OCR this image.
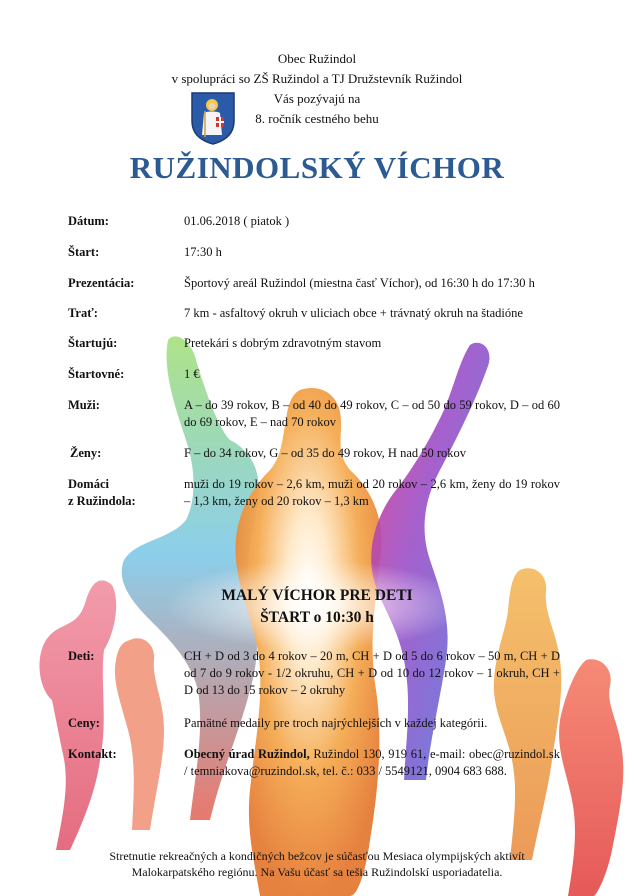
Obec Ružindol
v spolupráci so ZŠ Ružindol a TJ Družstevník Ružindol
Vás pozývajú na
8. ročník cestného behu
RUŽINDOLSKÝ VÍCHOR
Dátum:	01.06.2018 ( piatok )
Štart:	17:30 h
Prezentácia:	Športový areál Ružindol (miestna časť Víchor), od 16:30 h do 17:30 h
Trať:	7 km - asfaltový okruh v uliciach obce + trávnatý okruh na štadióne
Štartujú:	Pretekári s dobrým zdravotným stavom
Štartovné:	1 €
Muži:	A – do 39 rokov, B – od 40 do 49 rokov, C – od 50 do 59 rokov, D – od 60 do 69 rokov, E – nad 70 rokov
Ženy:	F – do 34 rokov, G – od 35 do 49 rokov, H nad 50 rokov
Domáci
z Ružindola:
muži do 19 rokov – 2,6 km, muži od 20 rokov – 2,6 km, ženy do 19 rokov – 1,3 km, ženy od 20 rokov – 1,3 km
MALÝ VÍCHOR PRE DETI
ŠTART o 10:30 h
Deti:	CH + D od 3 do 4 rokov – 20 m, CH + D od 5 do 6 rokov – 50 m, CH + D od 7 do 9 rokov - 1/2 okruhu, CH + D od 10 do 12 rokov – 1 okruh, CH + D od 13 do 15 rokov – 2 okruhy
Ceny:	Pamätné medaily pre troch najrýchlejších v každej kategórii.
Kontakt:	Obecný úrad Ružindol, Ružindol 130, 919 61, e-mail: obec@ruzindol.sk / temniakova@ruzindol.sk, tel. č.: 033 / 5549121, 0904 683 688.
Stretnutie rekreačných a kondičných bežcov je súčasťou Mesiaca olympijských aktivít
Malokarpatského regiónu. Na Vašu účasť sa tešia Ružindolskí usporiadatelia.
